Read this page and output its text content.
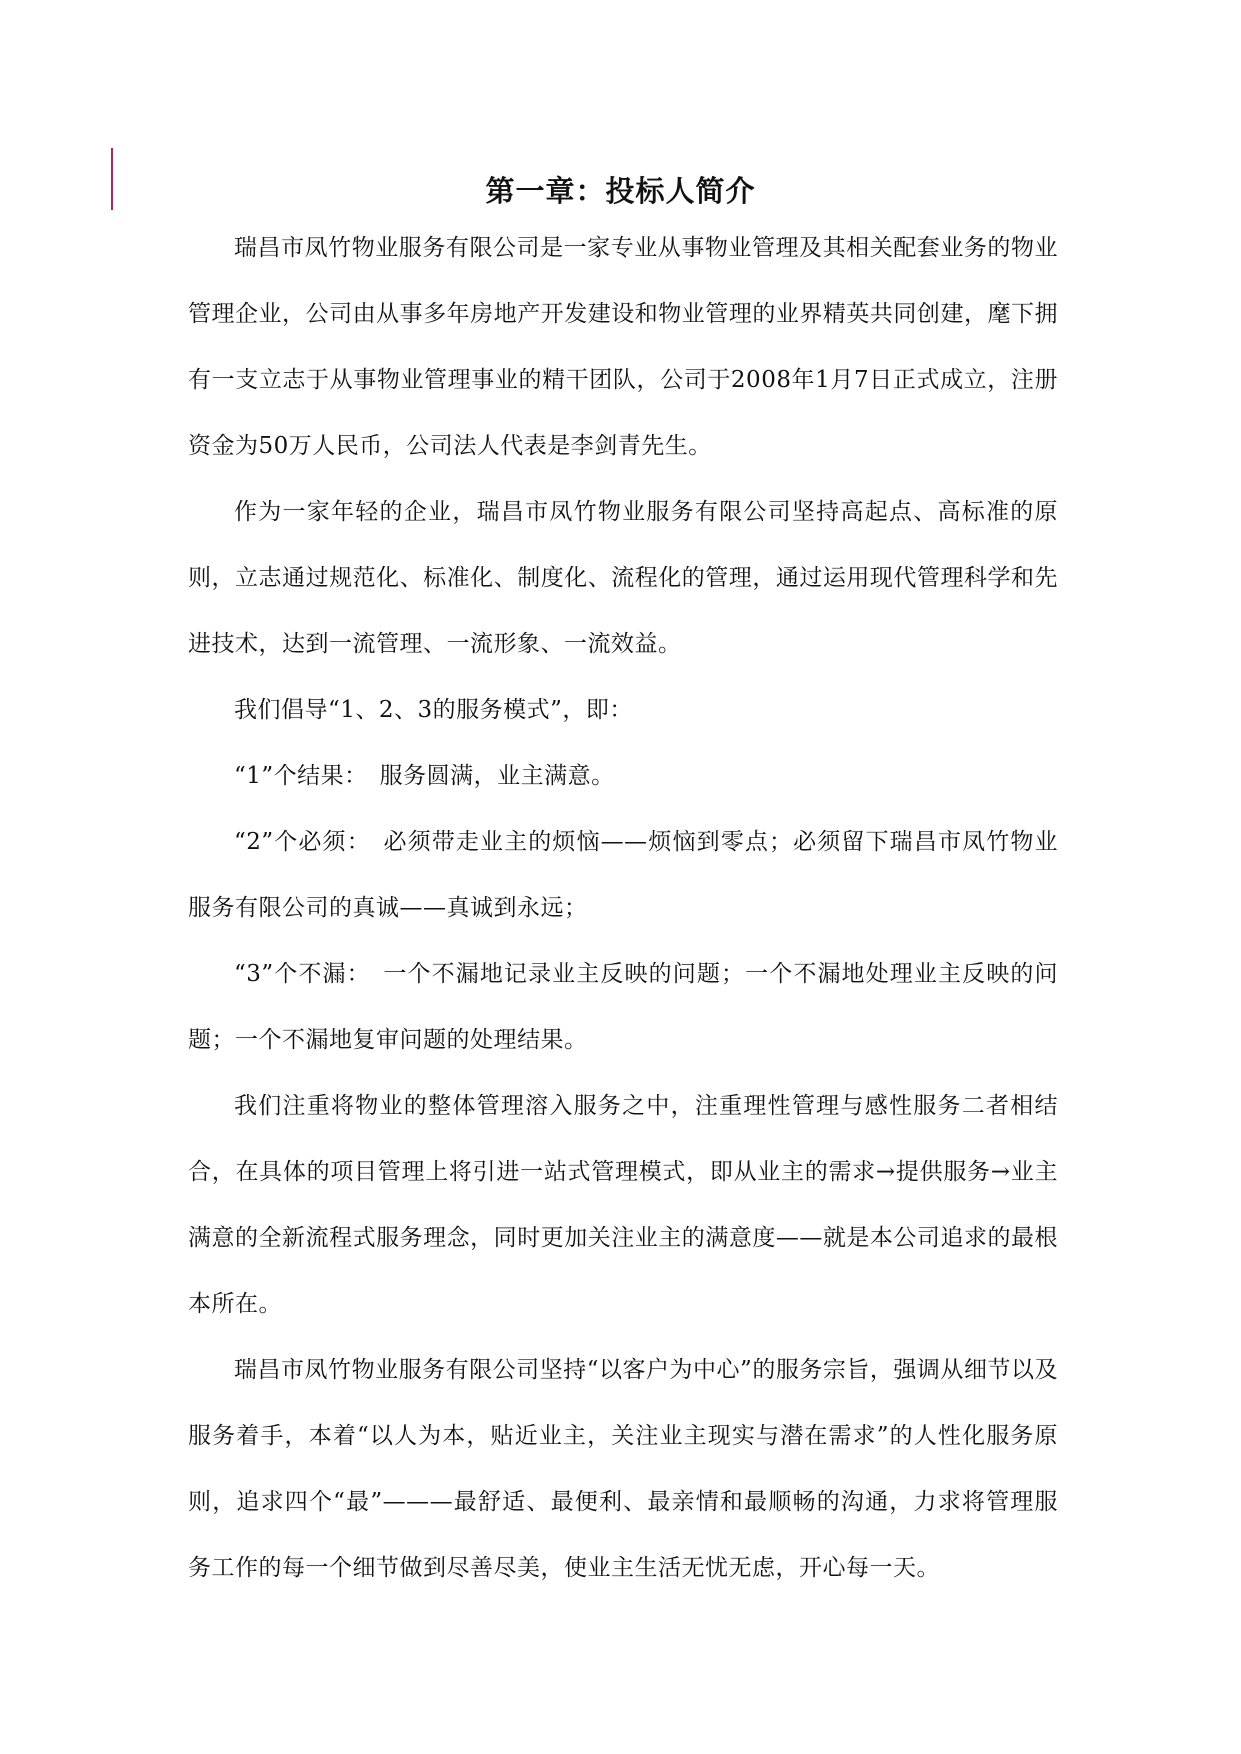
第一章：投标人简介

瑞昌市凤竹物业服务有限公司是一家专业从事物业管理及其相关配套业务的物业管理企业，公司由从事多年房地产开发建设和物业管理的业界精英共同创建，麾下拥有一支立志于从事物业管理事业的精干团队，公司于2008年1月7日正式成立，注册资金为50万人民币，公司法人代表是李剑青先生。

作为一家年轻的企业，瑞昌市凤竹物业服务有限公司坚持高起点、高标准的原则，立志通过规范化、标准化、制度化、流程化的管理，通过运用现代管理科学和先进技术，达到一流管理、一流形象、一流效益。

我们倡导“1、2、3的服务模式”，即：

“1”个结果：　服务圆满，业主满意。

“2”个必须：　必须带走业主的烦恼——烦恼到零点；必须留下瑞昌市凤竹物业服务有限公司的真诚——真诚到永远；

“3”个不漏：　一个不漏地记录业主反映的问题；一个不漏地处理业主反映的问题；一个不漏地复审问题的处理结果。

我们注重将物业的整体管理溶入服务之中，注重理性管理与感性服务二者相结合，在具体的项目管理上将引进一站式管理模式，即从业主的需求→提供服务→业主满意的全新流程式服务理念，同时更加关注业主的满意度——就是本公司追求的最根本所在。

瑞昌市凤竹物业服务有限公司坚持“以客户为中心”的服务宗旨，强调从细节以及服务着手，本着“以人为本，贴近业主，关注业主现实与潜在需求”的人性化服务原则，追求四个“最”———最舒适、最便利、最亲情和最顺畅的沟通，力求将管理服务工作的每一个细节做到尽善尽美，使业主生活无忧无虑，开心每一天。
